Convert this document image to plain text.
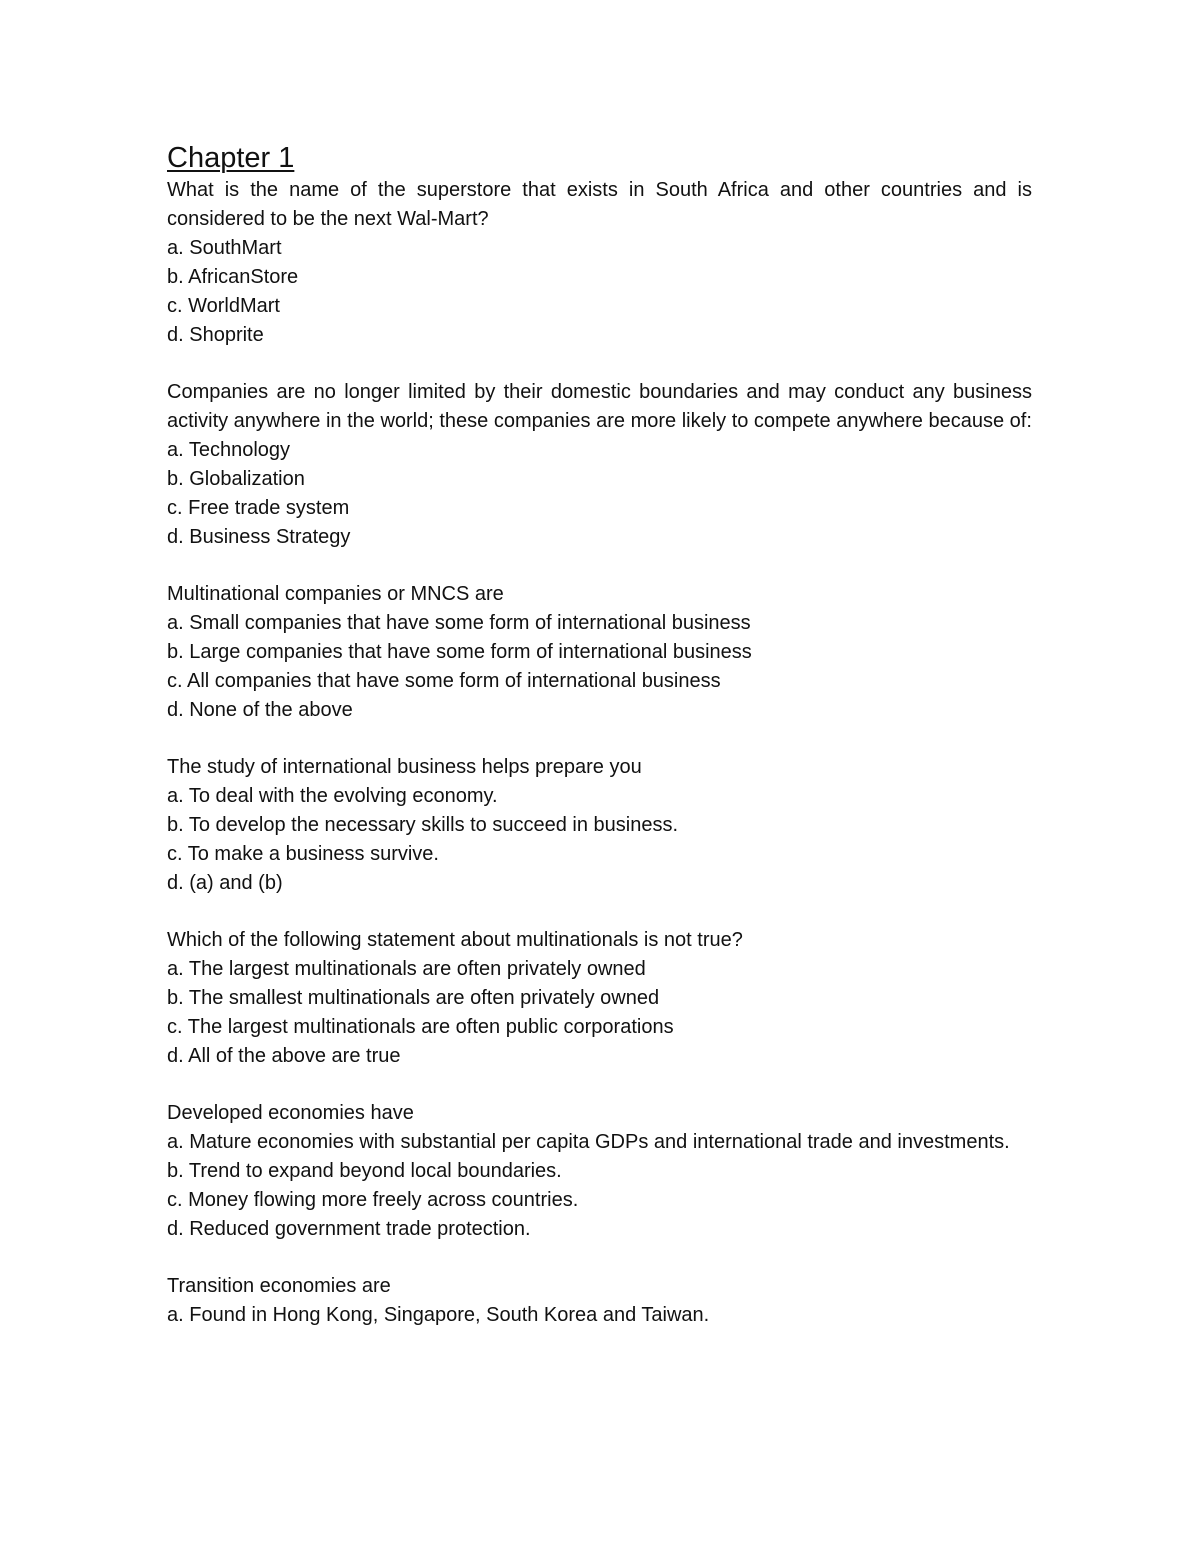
Chapter 1

What is the name of the superstore that exists in South Africa and other countries and is considered to be the next Wal-Mart?

a. SouthMart
b. AfricanStore
c. WorldMart
d. Shoprite

Companies are no longer limited by their domestic boundaries and may conduct any business activity anywhere in the world; these companies are more likely to compete anywhere because of:

a. Technology
b. Globalization
c. Free trade system
d. Business Strategy

Multinational companies or MNCS are

a. Small companies that have some form of international business
b. Large companies that have some form of international business
c. All companies that have some form of international business
d. None of the above

The study of international business helps prepare you

a. To deal with the evolving economy.
b. To develop the necessary skills to succeed in business.
c. To make a business survive.
d. (a) and (b)

Which of the following statement about multinationals is not true?

a. The largest multinationals are often privately owned
b. The smallest multinationals are often privately owned
c. The largest multinationals are often public corporations
d. All of the above are true

Developed economies have

a. Mature economies with substantial per capita GDPs and international trade and investments.
b. Trend to expand beyond local boundaries.
c. Money flowing more freely across countries.
d. Reduced government trade protection.

Transition economies are

a. Found in Hong Kong, Singapore, South Korea and Taiwan.
